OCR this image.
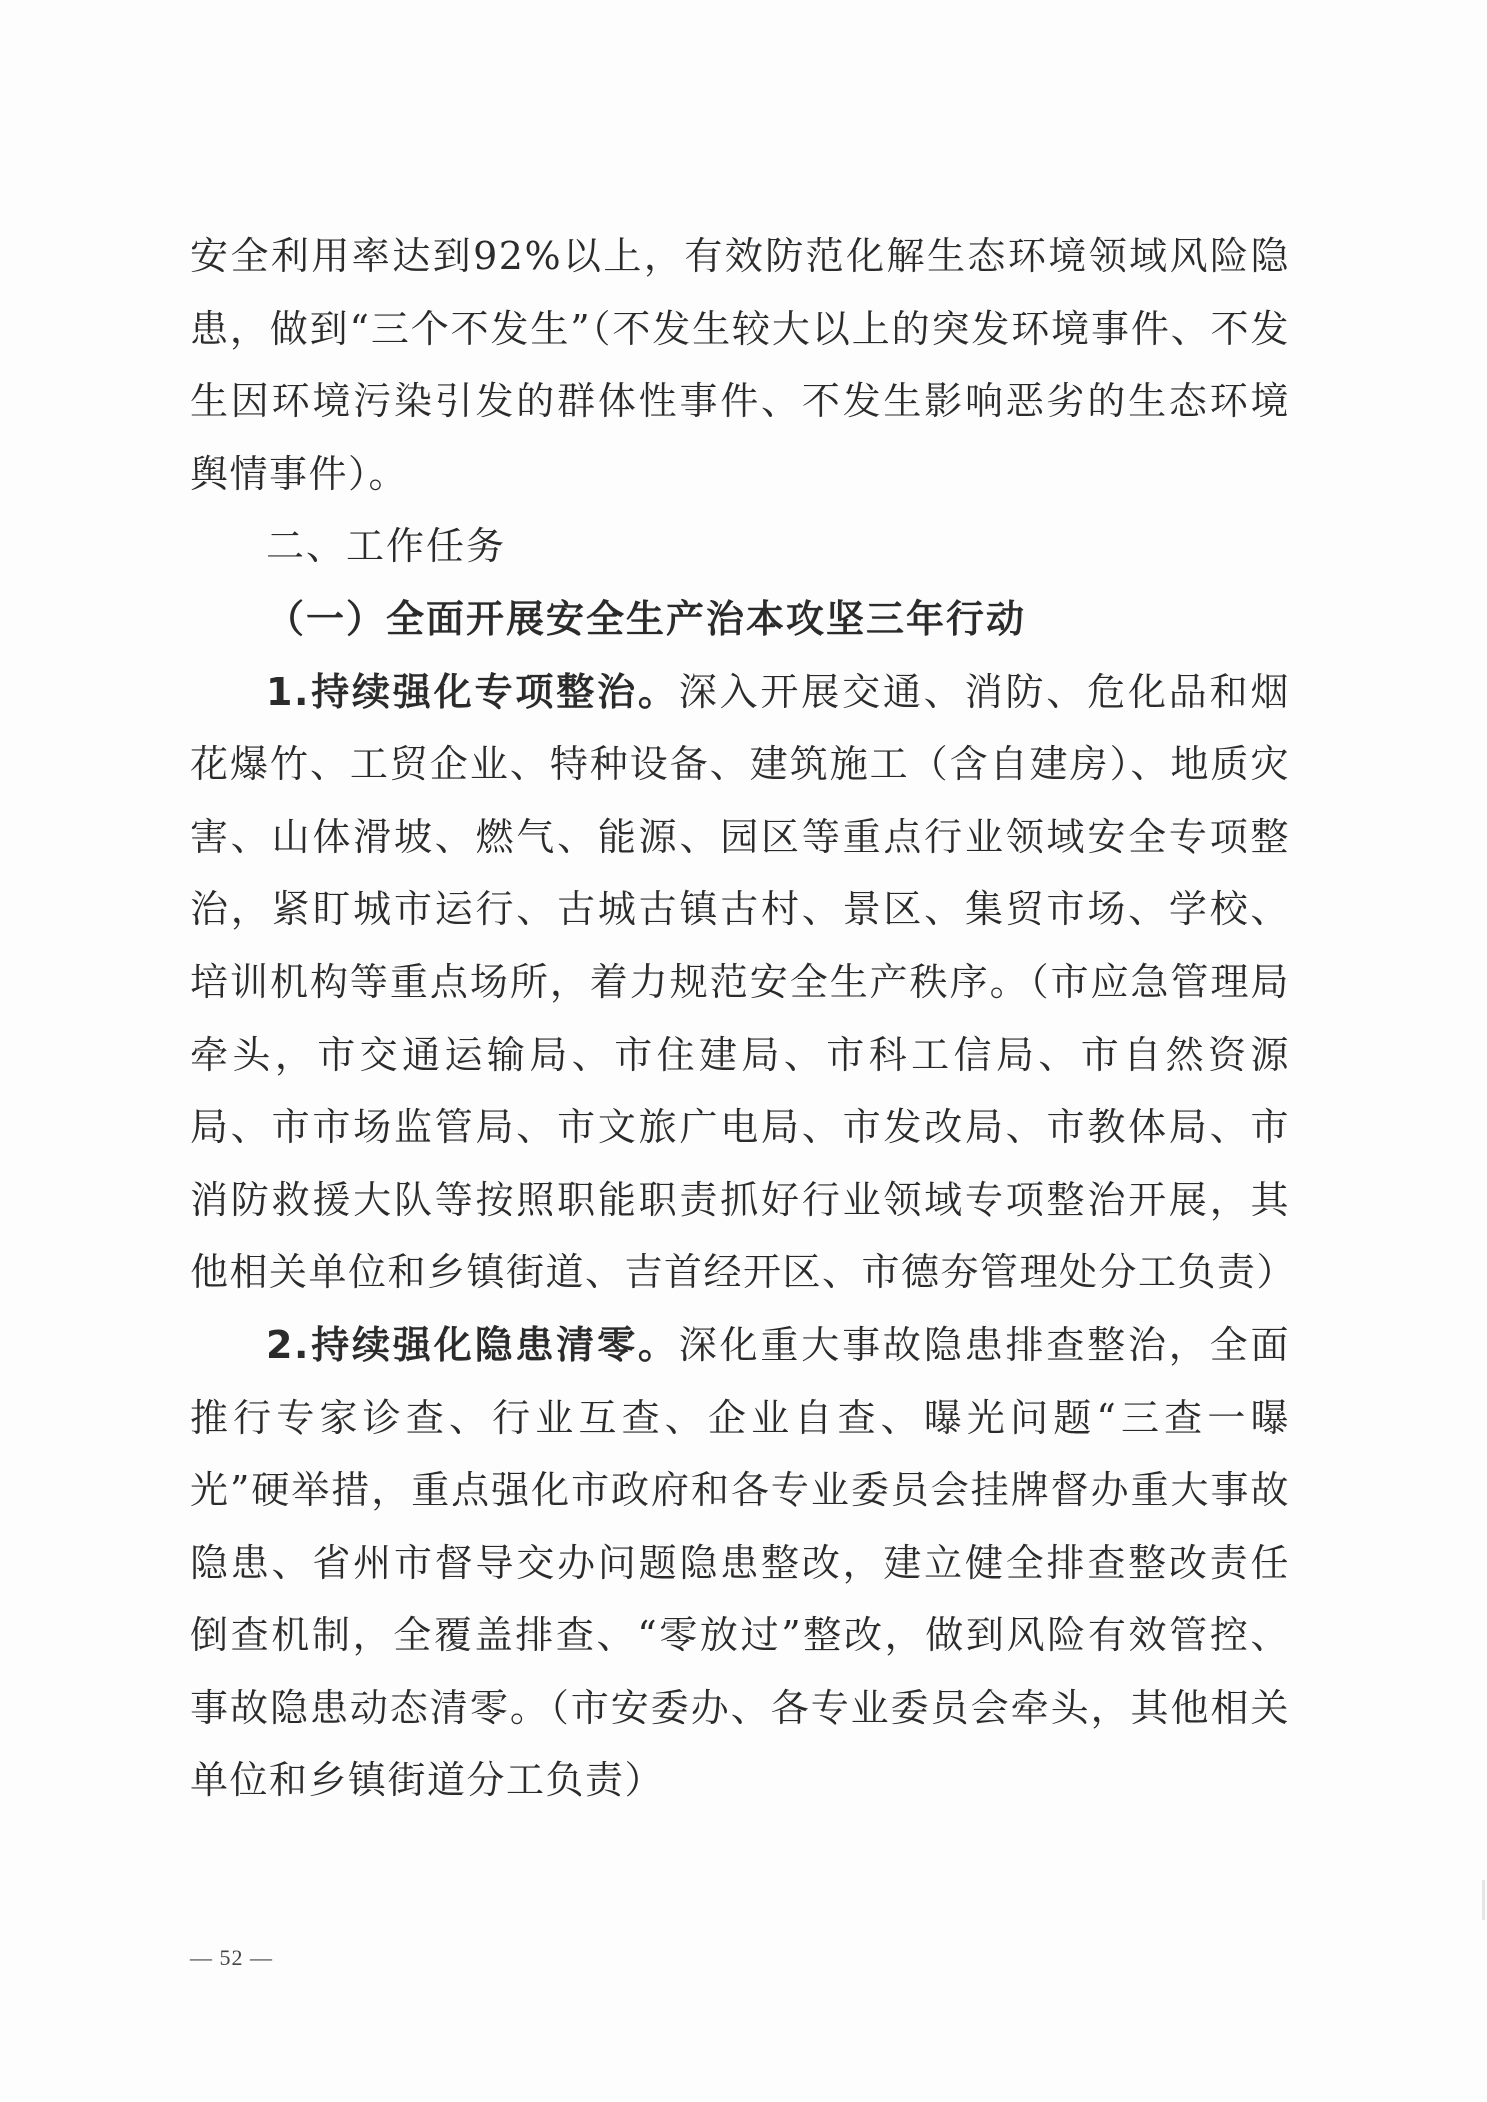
安全利用率达到92%以上，有效防范化解生态环境领域风险隐患，做到“三个不发生”（不发生较大以上的突发环境事件、不发生因环境污染引发的群体性事件、不发生影响恶劣的生态环境舆情事件）。

二、工作任务

（一）全面开展安全生产治本攻坚三年行动

1.持续强化专项整治。深入开展交通、消防、危化品和烟花爆竹、工贸企业、特种设备、建筑施工（含自建房）、地质灾害、山体滑坡、燃气、能源、园区等重点行业领域安全专项整治，紧盯城市运行、古城古镇古村、景区、集贸市场、学校、培训机构等重点场所，着力规范安全生产秩序。（市应急管理局牵头，市交通运输局、市住建局、市科工信局、市自然资源局、市市场监管局、市文旅广电局、市发改局、市教体局、市消防救援大队等按照职能职责抓好行业领域专项整治开展，其他相关单位和乡镇街道、吉首经开区、市德夯管理处分工负责）

2.持续强化隐患清零。深化重大事故隐患排查整治，全面推行专家诊查、行业互查、企业自查、曝光问题“三查一曝光”硬举措，重点强化市政府和各专业委员会挂牌督办重大事故隐患、省州市督导交办问题隐患整改，建立健全排查整改责任倒查机制，全覆盖排查、“零放过”整改，做到风险有效管控、事故隐患动态清零。（市安委办、各专业委员会牵头，其他相关单位和乡镇街道分工负责）

— 52 —
